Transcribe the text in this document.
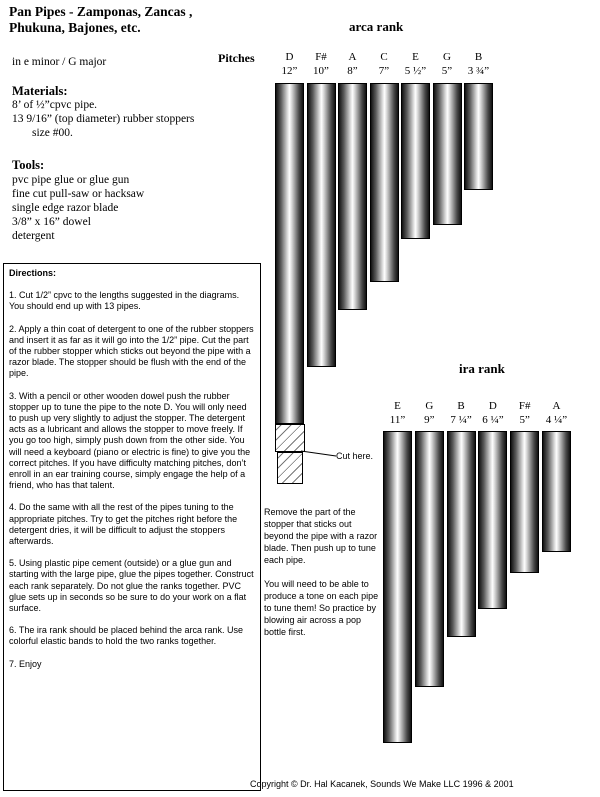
Pan Pipes - Zamponas, Zancas , Phukuna, Bajones, etc.
in e minor / G major
Materials:
8’ of ½”cpvc pipe.
13 9/16” (top diameter) rubber stoppers size #00.
Tools:
pvc pipe glue or glue gun
fine cut pull-saw or hacksaw
single edge razor blade
3/8” x 16” dowel
detergent
Directions:

1. Cut 1/2” cpvc to the lengths suggested in the diagrams. You should end up with 13 pipes.

2. Apply a thin coat of detergent to one of the rubber stoppers and insert it as far as it will go into the 1/2” pipe. Cut the part of the rubber stopper which sticks out beyond the pipe with a razor blade. The stopper should be flush with the end of the pipe.

3. With a pencil or other wooden dowel push the rubber stopper up to tune the pipe to the note D. You will only need to push up very slightly to adjust the stopper. The detergent acts as a lubricant and allows the stopper to move freely. If you go too high, simply push down from the other side. You will need a keyboard (piano or electric is fine) to give you the correct pitches. If you have difficulty matching pitches, don’t enroll in an ear training course, simply engage the help of a friend, who has that talent.

4. Do the same with all the rest of the pipes tuning to the appropriate pitches. Try to get the pitches right before the detergent dries, it will be difficult to adjust the stoppers afterwards.

5. Using plastic pipe cement (outside) or a glue gun and starting with the large pipe, glue the pipes together. Construct each rank separately. Do not glue the ranks together. PVC glue sets up in seconds so be sure to do your work on a flat surface.

6. The ira rank should be placed behind the arca rank. Use colorful elastic bands to hold the two ranks together.

7. Enjoy

arca rank
Pitches	D
12”
F#
10”
A
8”
C
7”
E
5 ½”
G
5”
B
3 ¾”
Cut here.
ira rank
E
11”
G
9”
B
7 ¼”
D
6 ¼”
F#
5”
A
4 ¼”

Remove the part of the stopper that sticks out beyond the pipe with a razor blade. Then push up to tune each pipe.

You will need to be able to produce a tone on each pipe to tune them! So practice by blowing air across a pop bottle first.

Copyright © Dr. Hal Kacanek, Sounds We Make LLC 1996 & 2001
